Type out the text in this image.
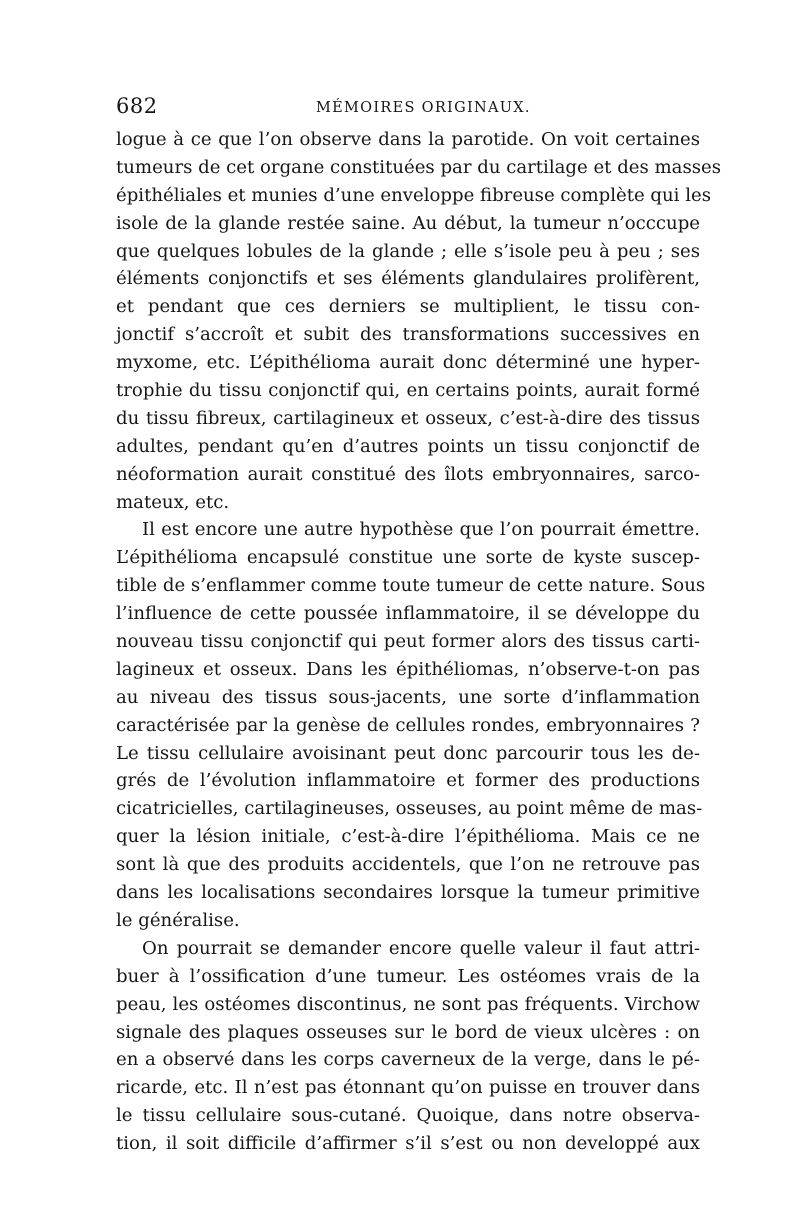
682	MÉMOIRES ORIGINAUX.
logue à ce que l’on observe dans la parotide. On voit certaines
tumeurs de cet organe constituées par du cartilage et des masses
épithéliales et munies d’une enveloppe fibreuse complète qui les
isole de la glande restée saine. Au début, la tumeur n’occcupe
que quelques lobules de la glande ; elle s’isole peu à peu ; ses
éléments conjonctifs et ses éléments glandulaires prolifèrent,
et pendant que ces derniers se multiplient, le tissu con-
jonctif s’accroît et subit des transformations successives en
myxome, etc. L’épithélioma aurait donc déterminé une hyper-
trophie du tissu conjonctif qui, en certains points, aurait formé
du tissu fibreux, cartilagineux et osseux, c’est-à-dire des tissus
adultes, pendant qu’en d’autres points un tissu conjonctif de
néoformation aurait constitué des îlots embryonnaires, sarco-
mateux, etc.
Il est encore une autre hypothèse que l’on pourrait émettre.
L’épithélioma encapsulé constitue une sorte de kyste suscep-
tible de s’enflammer comme toute tumeur de cette nature. Sous
l’influence de cette poussée inflammatoire, il se développe du
nouveau tissu conjonctif qui peut former alors des tissus carti-
lagineux et osseux. Dans les épithéliomas, n’observe-t-on pas
au niveau des tissus sous-jacents, une sorte d’inflammation
caractérisée par la genèse de cellules rondes, embryonnaires ?
Le tissu cellulaire avoisinant peut donc parcourir tous les de-
grés de l’évolution inflammatoire et former des productions
cicatricielles, cartilagineuses, osseuses, au point même de mas-
quer la lésion initiale, c’est-à-dire l’épithélioma. Mais ce ne
sont là que des produits accidentels, que l’on ne retrouve pas
dans les localisations secondaires lorsque la tumeur primitive
le généralise.
On pourrait se demander encore quelle valeur il faut attri-
buer à l’ossification d’une tumeur. Les ostéomes vrais de la
peau, les ostéomes discontinus, ne sont pas fréquents. Virchow
signale des plaques osseuses sur le bord de vieux ulcères : on
en a observé dans les corps caverneux de la verge, dans le pé-
ricarde, etc. Il n’est pas étonnant qu’on puisse en trouver dans
le tissu cellulaire sous-cutané. Quoique, dans notre observa-
tion, il soit difficile d’affirmer s’il s’est ou non developpé aux
